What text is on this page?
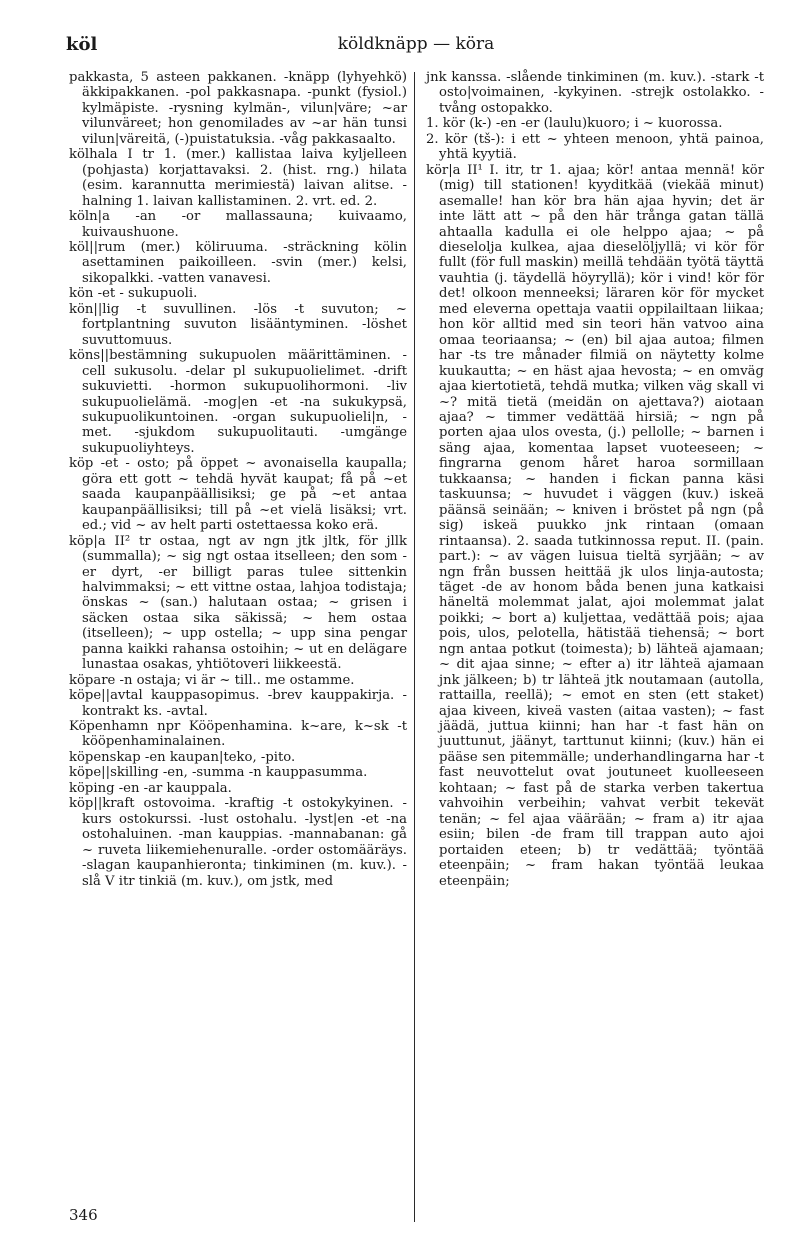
köl	köldknäpp — köra

pakkasta, 5 asteen pakkanen. -knäpp (lyhyehkö) äkkipakkanen. -pol pakkasnapa. -punkt (fysiol.) kylmäpiste. -rysning kylmän-, vilun|väre; ~ar vilunväreet; hon genomilades av ~ar hän tunsi vilun|väreitä, (-)puistatuksia. -våg pakkasaalto.

kölhala I tr 1. (mer.) kallistaa laiva kyljelleen (pohjasta) korjattavaksi. 2. (hist. rng.) hilata (esim. karannutta merimiestä) laivan alitse. -halning 1. laivan kallistaminen. 2. vrt. ed. 2.

köln|a -an -or mallassauna; kuivaamo, kuivaushuone.

köl||rum (mer.) köliruuma. -sträckning kölin asettaminen paikoilleen. -svin (mer.) kelsi, sikopalkki. -vatten vanavesi.

kön -et - sukupuoli.

kön||lig -t suvullinen. -lös -t suvuton; ~ fortplantning suvuton lisääntyminen. -löshet suvuttomuus.

köns||bestämning sukupuolen määrittäminen. -cell sukusolu. -delar pl sukupuolielimet. -drift sukuvietti. -hormon sukupuolihormoni. -liv sukupuolielämä. -mog|en -et -na sukukypsä, sukupuolikuntoinen. -organ sukupuolieli|n, -met. -sjukdom sukupuolitauti. -umgänge sukupuoliyhteys.

köp -et - osto; på öppet ~ avonaisella kaupalla; göra ett gott ~ tehdä hyvät kaupat; få på ~et saada kaupanpäällisiksi; ge på ~et antaa kaupanpäällisiksi; till på ~et vielä lisäksi; vrt. ed.; vid ~ av helt parti ostettaessa koko erä.

köp|a II² tr ostaa, ngt av ngn jtk jltk, för jllk (summalla); ~ sig ngt ostaa itselleen; den som -er dyrt, -er billigt paras tulee sittenkin halvimmaksi; ~ ett vittne ostaa, lahjoa todistaja; önskas ~ (san.) halutaan ostaa; ~ grisen i säcken ostaa sika säkissä; ~ hem ostaa (itselleen); ~ upp ostella; ~ upp sina pengar panna kaikki rahansa ostoihin; ~ ut en delägare lunastaa osakas, yhtiötoveri liikkeestä.

köpare -n ostaja; vi är ~ till.. me ostamme.

köpe||avtal kauppasopimus. -brev kauppakirja. -kontrakt ks. -avtal.

Köpenhamn npr Kööpenhamina. k~are, k~sk -t kööpenhaminalainen.

köpenskap -en kaupan|teko, -pito.

köpe||skilling -en, -summa -n kauppasumma.

köping -en -ar kauppala.

köp||kraft ostovoima. -kraftig -t ostokykyinen. -kurs ostokurssi. -lust ostohalu. -lyst|en -et -na ostohaluinen. -man kauppias. -mannabanan: gå ~ ruveta liikemiehenuralle. -order ostomääräys. -slagan kaupanhieronta; tinkiminen (m. kuv.). -slå V itr tinkiä (m. kuv.), om jstk, med

jnk kanssa. -slående tinkiminen (m. kuv.). -stark -t osto|voimainen, -kykyinen. -strejk ostolakko. -tvång ostopakko.

1. kör (k-) -en -er (laulu)kuoro; i ~ kuorossa.

2. kör (tš-): i ett ~ yhteen menoon, yhtä painoa, yhtä kyytiä.

kör|a II¹ I. itr, tr 1. ajaa; kör! antaa mennä! kör (mig) till stationen! kyyditkää (viekää minut) asemalle! han kör bra hän ajaa hyvin; det är inte lätt att ~ på den här trånga gatan tällä ahtaalla kadulla ei ole helppo ajaa; ~ på dieselolja kulkea, ajaa dieselöljyllä; vi kör för fullt (för full maskin) meillä tehdään työtä täyttä vauhtia (j. täydellä höyryllä); kör i vind! kör för det! olkoon menneeksi; läraren kör för mycket med eleverna opettaja vaatii oppilailtaan liikaa; hon kör alltid med sin teori hän vatvoo aina omaa teoriaansa; ~ (en) bil ajaa autoa; filmen har -ts tre månader filmiä on näytetty kolme kuukautta; ~ en häst ajaa hevosta; ~ en omväg ajaa kiertotietä, tehdä mutka; vilken väg skall vi ~? mitä tietä (meidän on ajettava?) aiotaan ajaa? ~ timmer vedättää hirsiä; ~ ngn på porten ajaa ulos ovesta, (j.) pellolle; ~ barnen i säng ajaa, komentaa lapset vuoteeseen; ~ fingrarna genom håret haroa sormillaan tukkaansa; ~ handen i fickan panna käsi taskuunsa; ~ huvudet i väggen (kuv.) iskeä päänsä seinään; ~ kniven i bröstet på ngn (på sig) iskeä puukko jnk rintaan (omaan rintaansa). 2. saada tutkinnossa reput. II. (pain. part.): ~ av vägen luisua tieltä syrjään; ~ av ngn från bussen heittää jk ulos linja-autosta; täget -de av honom båda benen juna katkaisi häneltä molemmat jalat, ajoi molemmat jalat poikki; ~ bort a) kuljettaa, vedättää pois; ajaa pois, ulos, pelotella, hätistää tiehensä; ~ bort ngn antaa potkut (toimesta); b) lähteä ajamaan; ~ dit ajaa sinne; ~ efter a) itr lähteä ajamaan jnk jälkeen; b) tr lähteä jtk noutamaan (autolla, rattailla, reellä); ~ emot en sten (ett staket) ajaa kiveen, kiveä vasten (aitaa vasten); ~ fast jäädä, juttua kiinni; han har -t fast hän on juuttunut, jäänyt, tarttunut kiinni; (kuv.) hän ei pääse sen pitemmälle; underhandlingarna har -t fast neuvottelut ovat joutuneet kuolleeseen kohtaan; ~ fast på de starka verben takertua vahvoihin verbeihin; vahvat verbit tekevät tenän; ~ fel ajaa väärään; ~ fram a) itr ajaa esiin; bilen -de fram till trappan auto ajoi portaiden eteen; b) tr vedättää; työntää eteenpäin; ~ fram hakan työntää leukaa eteenpäin;

346
